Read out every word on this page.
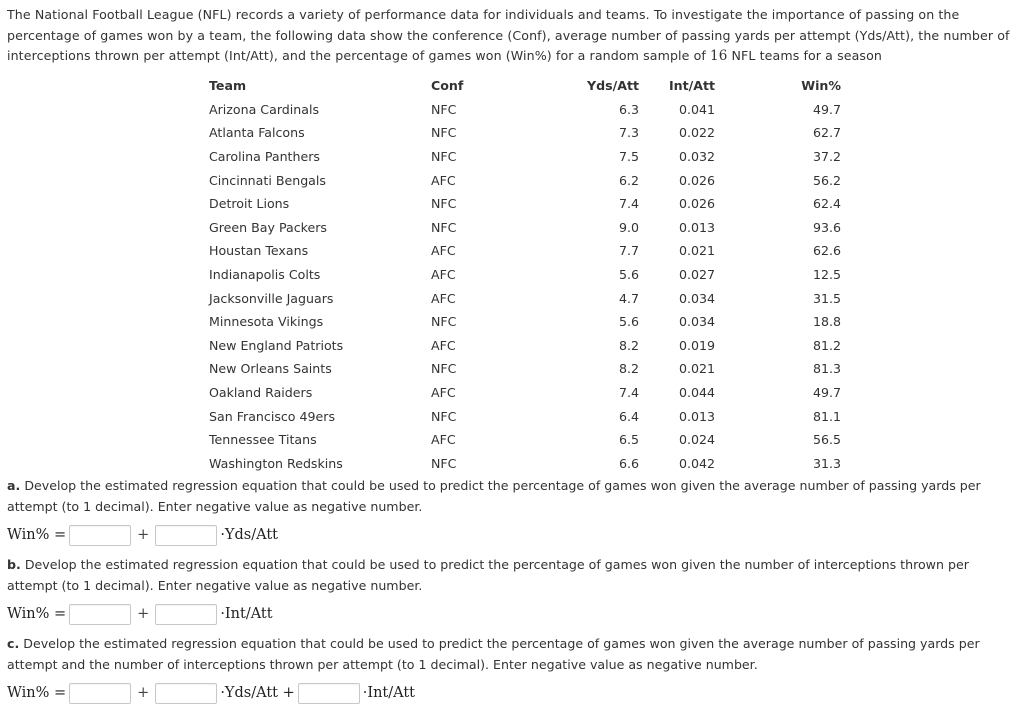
The National Football League (NFL) records a variety of performance data for individuals and teams. To investigate the importance of passing on the percentage of games won by a team, the following data show the conference (Conf), average number of passing yards per attempt (Yds/Att), the number of interceptions thrown per attempt (Int/Att), and the percentage of games won (Win%) for a random sample of 16 NFL teams for a season
Team	Conf	Yds/Att	Int/Att	Win%
Arizona Cardinals	NFC	6.3	0.041	49.7
Atlanta Falcons	NFC	7.3	0.022	62.7
Carolina Panthers	NFC	7.5	0.032	37.2
Cincinnati Bengals	AFC	6.2	0.026	56.2
Detroit Lions	NFC	7.4	0.026	62.4
Green Bay Packers	NFC	9.0	0.013	93.6
Houstan Texans	AFC	7.7	0.021	62.6
Indianapolis Colts	AFC	5.6	0.027	12.5
Jacksonville Jaguars	AFC	4.7	0.034	31.5
Minnesota Vikings	NFC	5.6	0.034	18.8
New England Patriots	AFC	8.2	0.019	81.2
New Orleans Saints	NFC	8.2	0.021	81.3
Oakland Raiders	AFC	7.4	0.044	49.7
San Francisco 49ers	NFC	6.4	0.013	81.1
Tennessee Titans	AFC	6.5	0.024	56.5
Washington Redskins	NFC	6.6	0.042	31.3
a. Develop the estimated regression equation that could be used to predict the percentage of games won given the average number of passing yards per attempt (to 1 decimal). Enter negative value as negative number.
Win% =	+	·Yds/Att
b. Develop the estimated regression equation that could be used to predict the percentage of games won given the number of interceptions thrown per attempt (to 1 decimal). Enter negative value as negative number.
Win% =	+	·Int/Att
c. Develop the estimated regression equation that could be used to predict the percentage of games won given the average number of passing yards per attempt and the number of interceptions thrown per attempt (to 1 decimal). Enter negative value as negative number.
Win% =	+	·Yds/Att +	·Int/Att
